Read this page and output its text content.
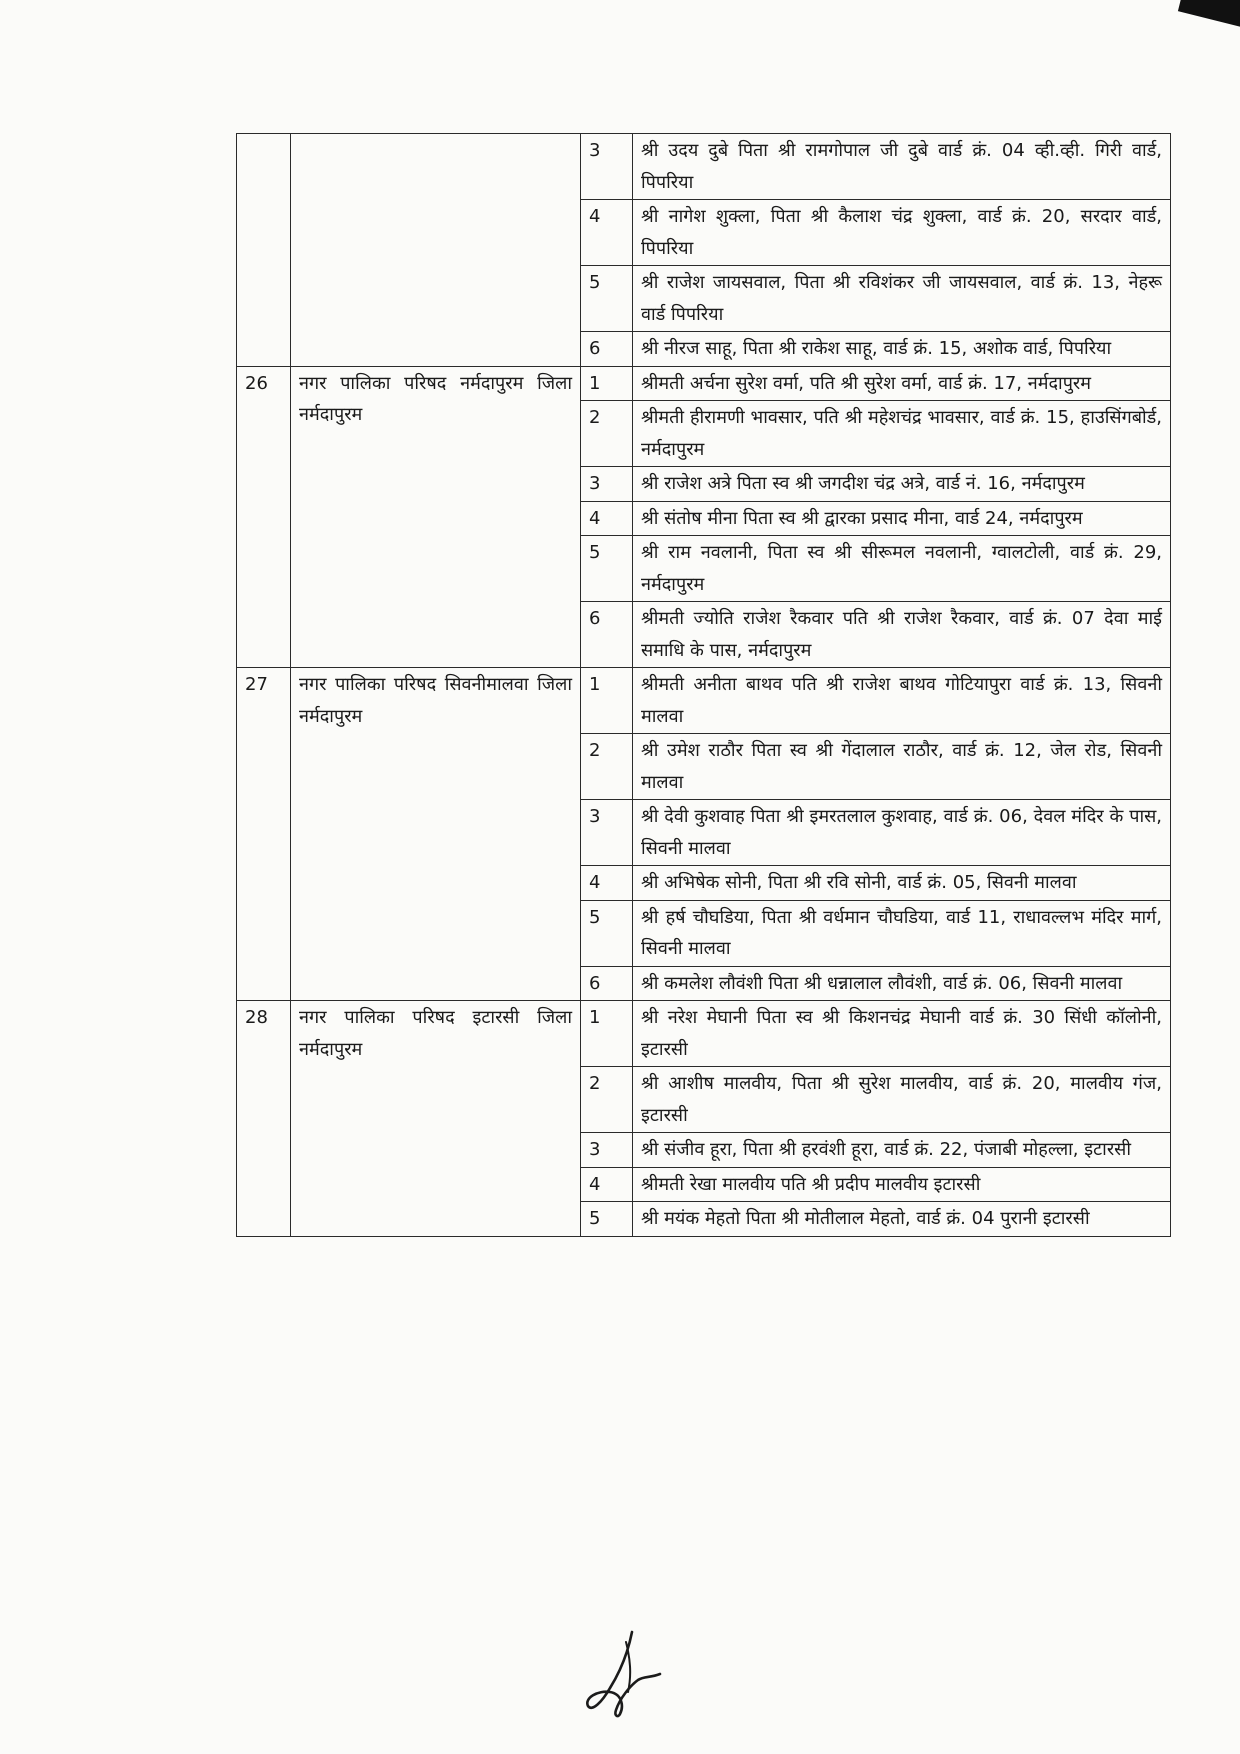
		3	श्री उदय दुबे पिता श्री रामगोपाल जी दुबे वार्ड क्रं. 04 व्ही.व्ही. गिरी वार्ड, पिपरिया
		4	श्री नागेश शुक्ला, पिता श्री कैलाश चंद्र शुक्ला, वार्ड क्रं. 20, सरदार वार्ड, पिपरिया
		5	श्री राजेश जायसवाल, पिता श्री रविशंकर जी जायसवाल, वार्ड क्रं. 13, नेहरू वार्ड पिपरिया
		6	श्री नीरज साहू, पिता श्री राकेश साहू, वार्ड क्रं. 15, अशोक वार्ड, पिपरिया
26	नगर पालिका परिषद नर्मदापुरम जिला नर्मदापुरम	1	श्रीमती अर्चना सुरेश वर्मा, पति श्री सुरेश वर्मा, वार्ड क्रं. 17, नर्मदापुरम
		2	श्रीमती हीरामणी भावसार, पति श्री महेशचंद्र भावसार, वार्ड क्रं. 15, हाउसिंगबोर्ड, नर्मदापुरम
		3	श्री राजेश अत्रे पिता स्व श्री जगदीश चंद्र अत्रे, वार्ड नं. 16, नर्मदापुरम
		4	श्री संतोष मीना पिता स्व श्री द्वारका प्रसाद मीना, वार्ड 24, नर्मदापुरम
		5	श्री राम नवलानी, पिता स्व श्री सीरूमल नवलानी, ग्वालटोली, वार्ड क्रं. 29, नर्मदापुरम
		6	श्रीमती ज्योति राजेश रैकवार पति श्री राजेश रैकवार, वार्ड क्रं. 07 देवा माई समाधि के पास, नर्मदापुरम
27	नगर पालिका परिषद सिवनीमालवा जिला नर्मदापुरम	1	श्रीमती अनीता बाथव पति श्री राजेश बाथव गोटियापुरा वार्ड क्रं. 13, सिवनी मालवा
		2	श्री उमेश राठौर पिता स्व श्री गेंदालाल राठौर, वार्ड क्रं. 12, जेल रोड, सिवनी मालवा
		3	श्री देवी कुशवाह पिता श्री इमरतलाल कुशवाह, वार्ड क्रं. 06, देवल मंदिर के पास, सिवनी मालवा
		4	श्री अभिषेक सोनी, पिता श्री रवि सोनी, वार्ड क्रं. 05, सिवनी मालवा
		5	श्री हर्ष चौघडिया, पिता श्री वर्धमान चौघडिया, वार्ड 11, राधावल्लभ मंदिर मार्ग, सिवनी मालवा
		6	श्री कमलेश लौवंशी पिता श्री धन्नालाल लौवंशी, वार्ड क्रं. 06, सिवनी मालवा
28	नगर पालिका परिषद इटारसी जिला नर्मदापुरम	1	श्री नरेश मेघानी पिता स्व श्री किशनचंद्र मेघानी वार्ड क्रं. 30 सिंधी कॉलोनी, इटारसी
		2	श्री आशीष मालवीय, पिता श्री सुरेश मालवीय, वार्ड क्रं. 20, मालवीय गंज, इटारसी
		3	श्री संजीव हूरा, पिता श्री हरवंशी हूरा, वार्ड क्रं. 22, पंजाबी मोहल्ला, इटारसी
		4	श्रीमती रेखा मालवीय पति श्री प्रदीप मालवीय इटारसी
		5	श्री मयंक मेहतो पिता श्री मोतीलाल मेहतो, वार्ड क्रं. 04 पुरानी इटारसी
